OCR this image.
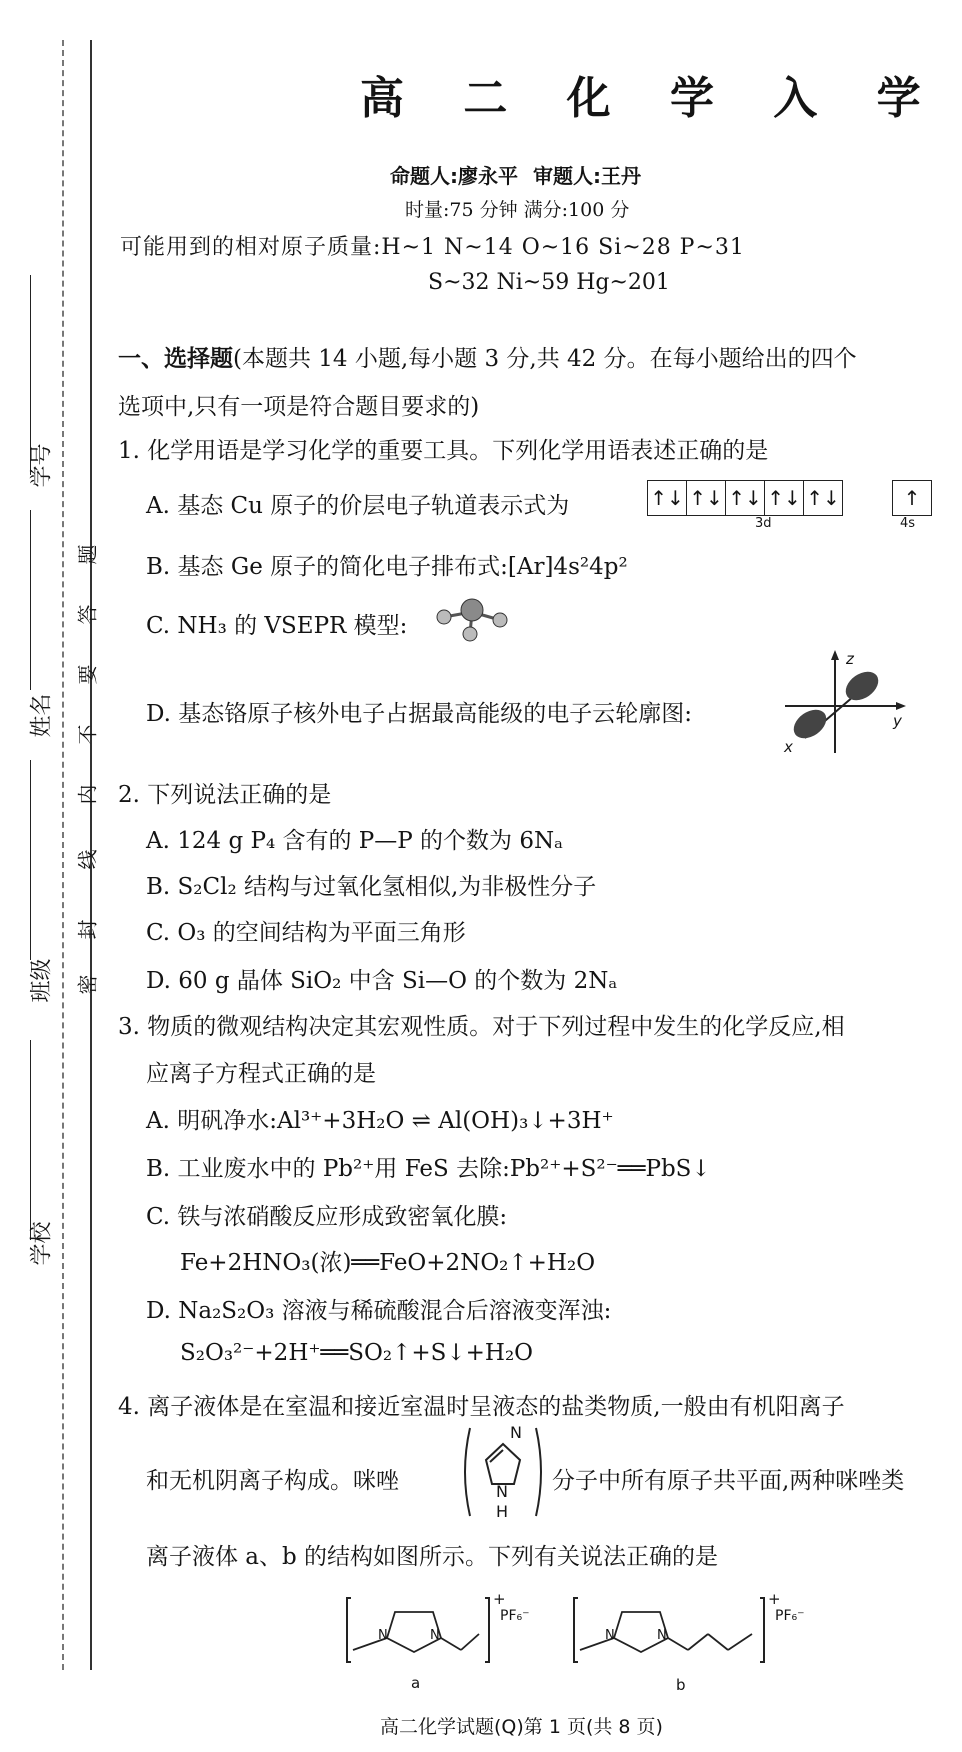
学号
姓名
班级
学校
密
封
线
内
不
要
答
题
高 二 化 学 入 学
命题人:廖永平 审题人:王丹
时量:75 分钟 满分:100 分
可能用到的相对原子质量:H~1 N~14 O~16 Si~28 P~31
S~32 Ni~59 Hg~201
一、选择题(本题共 14 小题,每小题 3 分,共 42 分。在每小题给出的四个
选项中,只有一项是符合题目要求的)
1. 化学用语是学习化学的重要工具。下列化学用语表述正确的是
A. 基态 Cu 原子的价层电子轨道表示式为	↑↓ ↑↓ ↑↓ ↑↓ ↑↓	↑
3d	4s
B. 基态 Ge 原子的简化电子排布式:[Ar]4s²4p²
C. NH₃ 的 VSEPR 模型:
D. 基态铬原子核外电子占据最高能级的电子云轮廓图:
z
y
x
2. 下列说法正确的是
A. 124 g P₄ 含有的 P—P 的个数为 6Nₐ
B. S₂Cl₂ 结构与过氧化氢相似,为非极性分子
C. O₃ 的空间结构为平面三角形
D. 60 g 晶体 SiO₂ 中含 Si—O 的个数为 2Nₐ
3. 物质的微观结构决定其宏观性质。对于下列过程中发生的化学反应,相
应离子方程式正确的是
A. 明矾净水:Al³⁺+3H₂O ⇌ Al(OH)₃↓+3H⁺
B. 工业废水中的 Pb²⁺用 FeS 去除:Pb²⁺+S²⁻══PbS↓
C. 铁与浓硝酸反应形成致密氧化膜:
Fe+2HNO₃(浓)══FeO+2NO₂↑+H₂O
D. Na₂S₂O₃ 溶液与稀硫酸混合后溶液变浑浊:
S₂O₃²⁻+2H⁺══SO₂↑+S↓+H₂O
4. 离子液体是在室温和接近室温时呈液态的盐类物质,一般由有机阳离子
和无机阴离子构成。咪唑
N
N
H
分子中所有原子共平面,两种咪唑类
离子液体 a、b 的结构如图所示。下列有关说法正确的是
N	N
+
PF₆⁻
a
N	N
+
PF₆⁻
b
高二化学试题(Q)第 1 页(共 8 页)
